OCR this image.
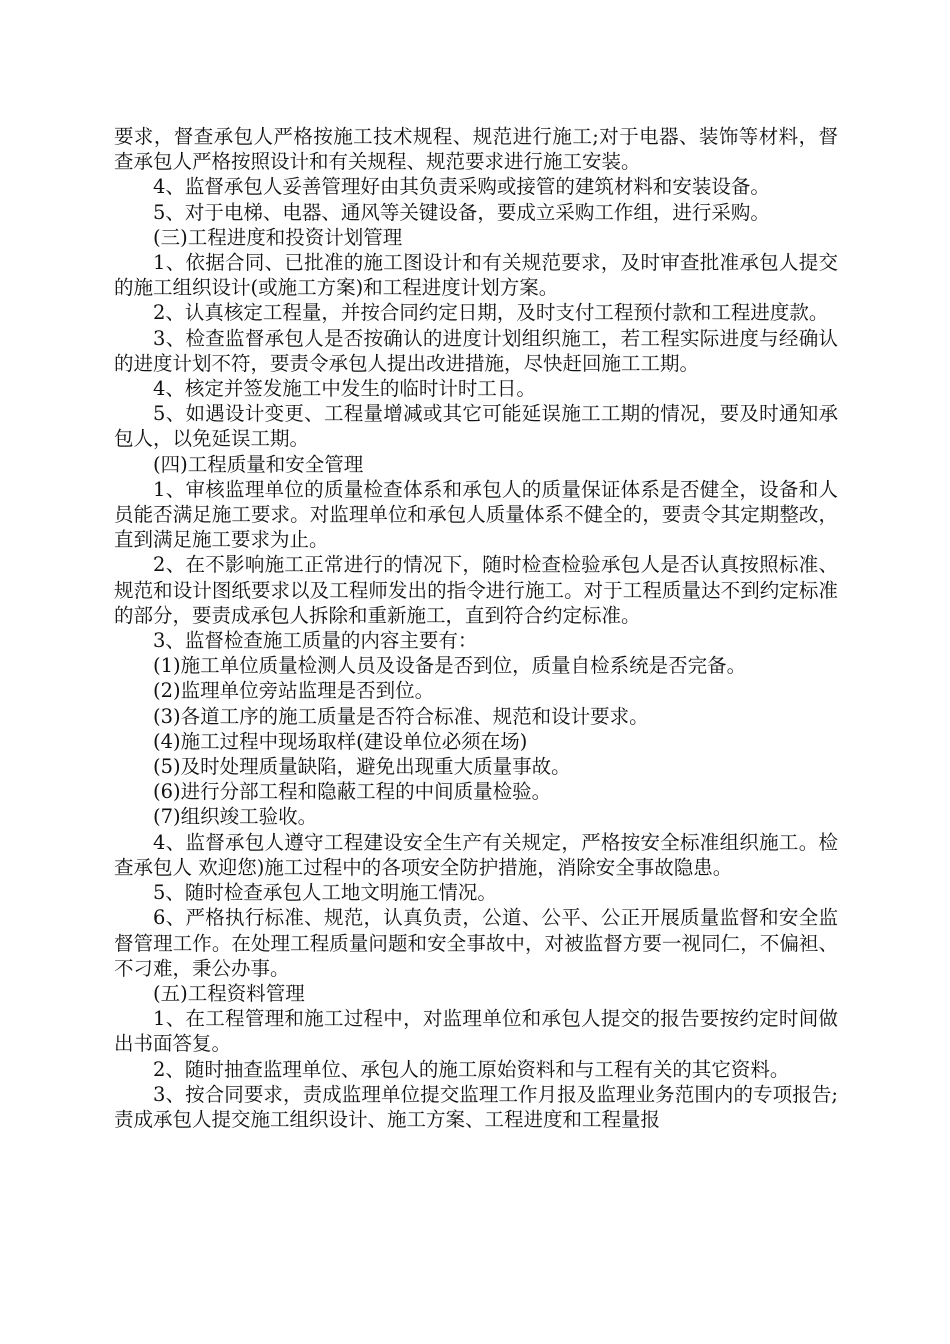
要求，督查承包人严格按施工技术规程、规范进行施工;对于电器、装饰等材料，督查承包人严格按照设计和有关规程、规范要求进行施工安装。

4、监督承包人妥善管理好由其负责采购或接管的建筑材料和安装设备。

5、对于电梯、电器、通风等关键设备，要成立采购工作组，进行采购。

(三)工程进度和投资计划管理

1、依据合同、已批准的施工图设计和有关规范要求，及时审查批准承包人提交的施工组织设计(或施工方案)和工程进度计划方案。

2、认真核定工程量，并按合同约定日期，及时支付工程预付款和工程进度款。

3、检查监督承包人是否按确认的进度计划组织施工，若工程实际进度与经确认的进度计划不符，要责令承包人提出改进措施，尽快赶回施工工期。

4、核定并签发施工中发生的临时计时工日。

5、如遇设计变更、工程量增减或其它可能延误施工工期的情况，要及时通知承包人，以免延误工期。

(四)工程质量和安全管理

1、审核监理单位的质量检查体系和承包人的质量保证体系是否健全，设备和人员能否满足施工要求。对监理单位和承包人质量体系不健全的，要责令其定期整改，直到满足施工要求为止。

2、在不影响施工正常进行的情况下，随时检查检验承包人是否认真按照标准、规范和设计图纸要求以及工程师发出的指令进行施工。对于工程质量达不到约定标准的部分，要责成承包人拆除和重新施工，直到符合约定标准。

3、监督检查施工质量的内容主要有：

(1)施工单位质量检测人员及设备是否到位，质量自检系统是否完备。

(2)监理单位旁站监理是否到位。

(3)各道工序的施工质量是否符合标准、规范和设计要求。

(4)施工过程中现场取样(建设单位必须在场)

(5)及时处理质量缺陷，避免出现重大质量事故。

(6)进行分部工程和隐蔽工程的中间质量检验。

(7)组织竣工验收。

4、监督承包人遵守工程建设安全生产有关规定，严格按安全标准组织施工。检查承包人 欢迎您)施工过程中的各项安全防护措施，消除安全事故隐患。

5、随时检查承包人工地文明施工情况。

6、严格执行标准、规范，认真负责，公道、公平、公正开展质量监督和安全监督管理工作。在处理工程质量问题和安全事故中，对被监督方要一视同仁，不偏袒、不刁难，秉公办事。

(五)工程资料管理

1、在工程管理和施工过程中，对监理单位和承包人提交的报告要按约定时间做出书面答复。

2、随时抽查监理单位、承包人的施工原始资料和与工程有关的其它资料。

3、按合同要求，责成监理单位提交监理工作月报及监理业务范围内的专项报告;责成承包人提交施工组织设计、施工方案、工程进度和工程量报
